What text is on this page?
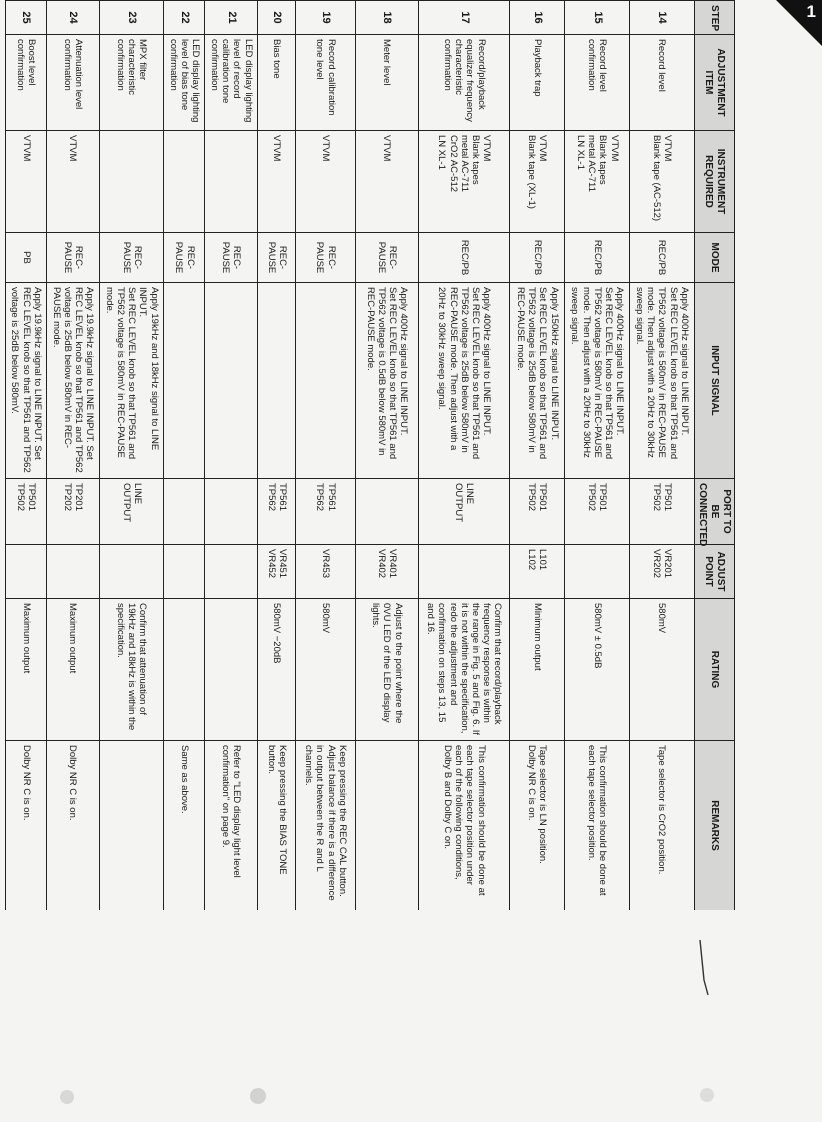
1
STEP	ADJUSTMENT ITEM	INSTRUMENT REQUIRED	MODE	INPUT SIGNAL	PORT TO BE CONNECTED	ADJUST POINT	RATING	REMARKS
14	Record level	VTVM
Blank tape (AC-512)	REC/PB	Apply 400Hz signal to LINE INPUT.
Set REC LEVEL knob so that TP561 and TP562 voltage is 580mV in REC-PAUSE mode. Then adjust with a 20Hz to 30kHz sweep signal.	TP501
TP502	VR201
VR202	580mV	Tape selector is CrO2 position.
15	Record level confirmation	VTVM
Blank tapes
metal AC-711
LN XL-1	REC/PB	Apply 400Hz signal to LINE INPUT.
Set REC LEVEL knob so that TP561 and TP562 voltage is 580mV in REC-PAUSE mode. Then adjust with a 20Hz to 30kHz sweep signal.	TP501
TP502		580mV ± 0.5dB	This confirmation should be done at each tape selector position.
16	Playback trap	VTVM
Blank tape (XL-1)	REC/PB	Apply 150kHz signal to LINE INPUT.
Set REC LEVEL knob so that TP561 and TP562 voltage is 25dB below 580mV in REC-PAUSE mode.	TP501
TP502	L101
L102	Minimum output	Tape selector is LN position.
Dolby NR C is on.
17	Record/playback equalizer frequency characteristic confirmation	VTVM
Blank tapes
metal AC-711
CrO2 AC-512
LN XL-1	REC/PB	Apply 400Hz signal to LINE INPUT.
Set REC LEVEL knob so that TP561 and TP562 voltage is 25dB below 580mV in REC-PAUSE mode. Then adjust with a 20Hz to 30kHz sweep signal.	LINE OUTPUT		Confirm that record/playback frequency response is within the range in Fig. 5 and Fig. 6. If it is not within the specification, redo the adjustment and confirmation on steps 13, 15 and 16.	This confirmation should be done at each tape selector position under each of the following conditions, Dolby B and Dolby C on.
18	Meter level	VTVM	REC-PAUSE	Apply 400Hz signal to LINE INPUT.
Set REC LEVEL knob so that TP561 and TP562 voltage is 0.5dB below 580mV in REC-PAUSE mode.		VR401
VR402	Adjust to the point where the 0VU LED of the LED display lights.	
19	Record calibration tone level	VTVM	REC-PAUSE		TP561
TP562	VR453	580mV	Keep pressing the REC CAL button. Adjust balance if there is a difference in output between the R and L channels.
20	Bias tone	VTVM	REC-PAUSE		TP561
TP562	VR451
VR452	580mV −20dB	Keep pressing the BIAS TONE button.
21	LED display lighting level of record calibration tone confirmation		REC-PAUSE					Refer to "LED display light level confirmation" on page 9.
22	LED display lighting level of bias tone confirmation		REC-PAUSE					Same as above.
23	MPX filter characteristic confirmation		REC-PAUSE	Apply 19kHz and 18kHz signal to LINE INPUT.
Set REC LEVEL knob so that TP561 and TP562 voltage is 580mV in REC-PAUSE mode.	LINE OUTPUT		Confirm that attenuation of 19kHz and 18kHz is within the specification.	
24	Attenuation level confirmation	VTVM	REC-PAUSE	Apply 19.9kHz signal to LINE INPUT. Set REC LEVEL knob so that TP561 and TP562 voltage is 25dB below 580mV in REC-PAUSE mode.	TP201
TP202		Maximum output	Dolby NR C is on.
25	Boost level confirmation	VTVM	PB	Apply 19.9kHz signal to LINE INPUT. Set REC LEVEL knob so that TP561 and TP562 voltage is 25dB below 580mV.	TP501
TP502		Maximum output	Dolby NR C is on.
